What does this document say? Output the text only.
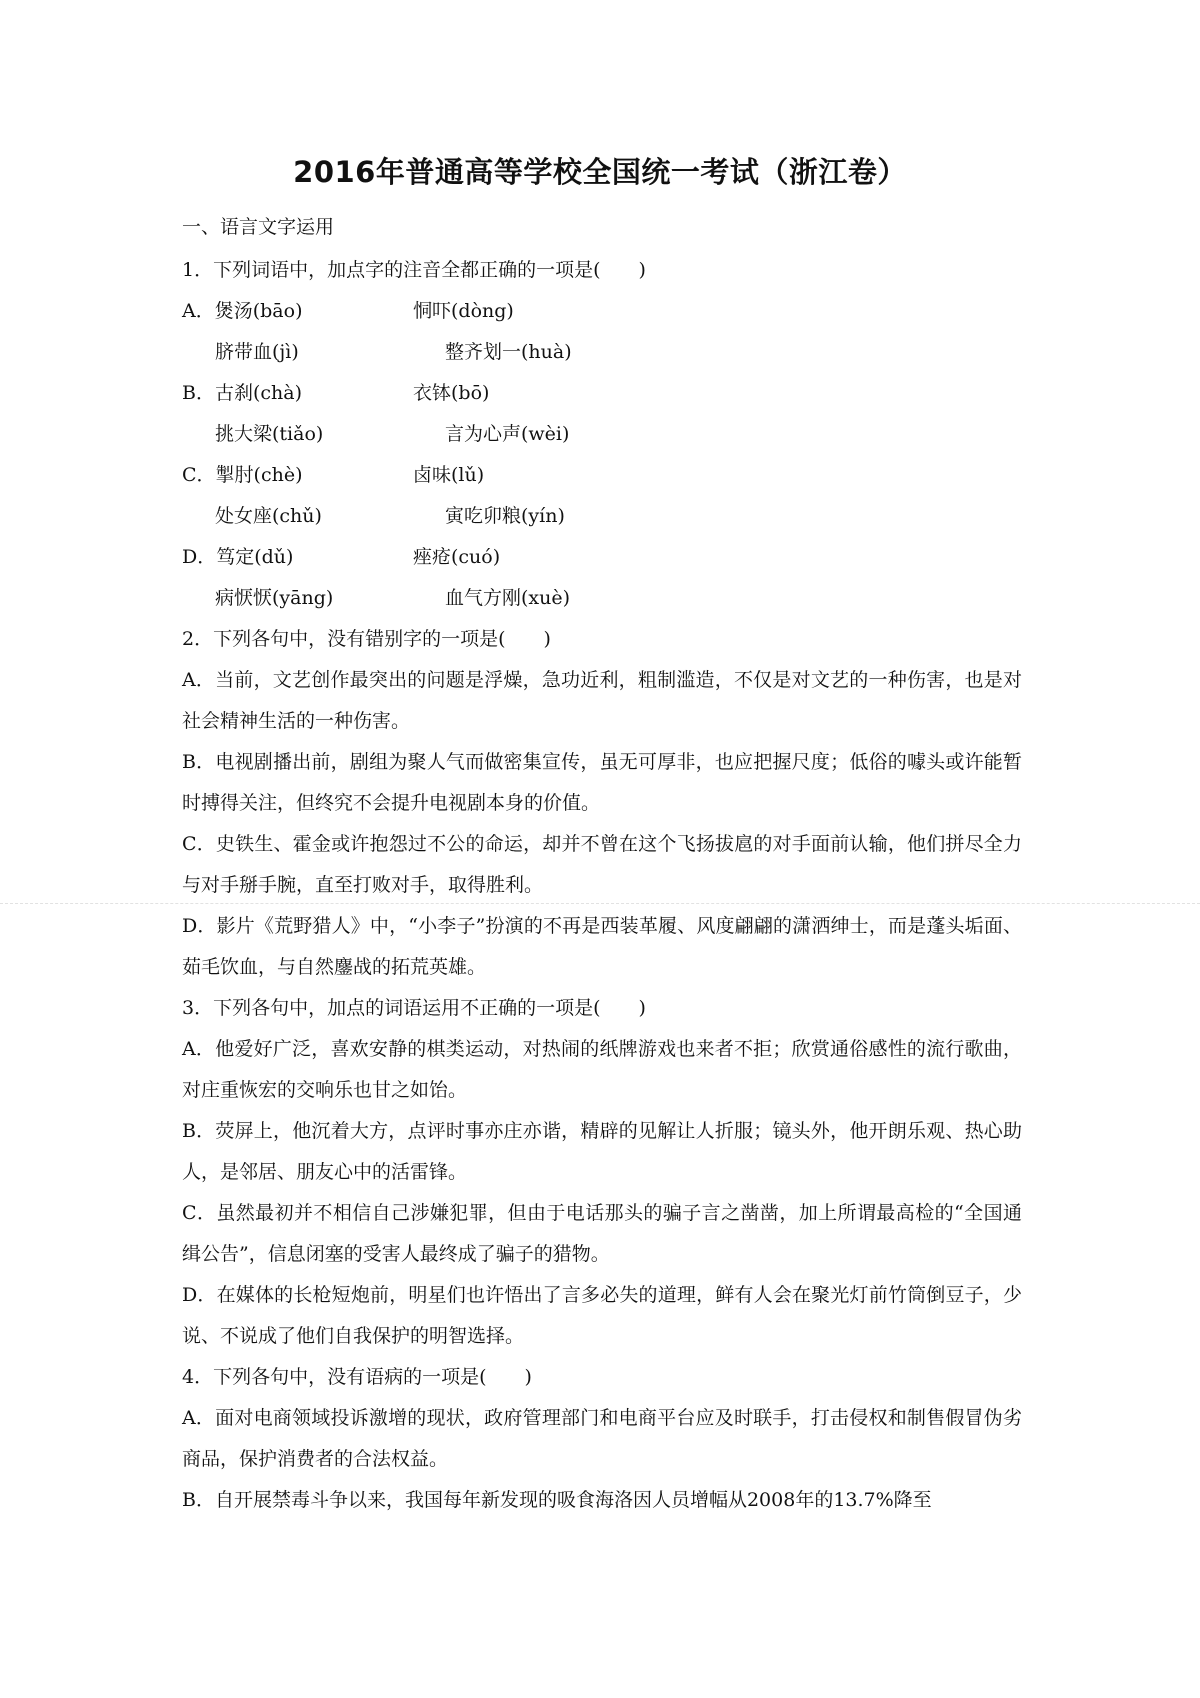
2016年普通高等学校全国统一考试（浙江卷）
一、语言文字运用
1．下列词语中，加点字的注音全都正确的一项是(　　)
A．煲汤(bāo)	恫吓(dòng)
脐带血(jì)	整齐划一(huà)
B．古刹(chà)	衣钵(bō)
挑大梁(tiǎo)	言为心声(wèi)
C．掣肘(chè)	卤味(lǔ)
处女座(chǔ)	寅吃卯粮(yín)
D．笃定(dǔ)	痤疮(cuó)
病恹恹(yāng)	血气方刚(xuè)
2．下列各句中，没有错别字的一项是(　　)
A．当前，文艺创作最突出的问题是浮燥，急功近利，粗制滥造，不仅是对文艺的一种伤害，也是对社会精神生活的一种伤害。
B．电视剧播出前，剧组为聚人气而做密集宣传，虽无可厚非，也应把握尺度；低俗的噱头或许能暂时搏得关注，但终究不会提升电视剧本身的价值。
C．史铁生、霍金或许抱怨过不公的命运，却并不曾在这个飞扬拔扈的对手面前认输，他们拼尽全力与对手掰手腕，直至打败对手，取得胜利。
D．影片《荒野猎人》中，“小李子”扮演的不再是西装革履、风度翩翩的潇洒绅士，而是蓬头垢面、茹毛饮血，与自然鏖战的拓荒英雄。
3．下列各句中，加点的词语运用不正确的一项是(　　)
A．他爱好广泛，喜欢安静的棋类运动，对热闹的纸牌游戏也来者不拒；欣赏通俗感性的流行歌曲，对庄重恢宏的交响乐也甘之如饴。
B．荧屏上，他沉着大方，点评时事亦庄亦谐，精辟的见解让人折服；镜头外，他开朗乐观、热心助人，是邻居、朋友心中的活雷锋。
C．虽然最初并不相信自己涉嫌犯罪，但由于电话那头的骗子言之凿凿，加上所谓最高检的“全国通缉公告”，信息闭塞的受害人最终成了骗子的猎物。
D．在媒体的长枪短炮前，明星们也许悟出了言多必失的道理，鲜有人会在聚光灯前竹筒倒豆子，少说、不说成了他们自我保护的明智选择。
4．下列各句中，没有语病的一项是(　　)
A．面对电商领域投诉激增的现状，政府管理部门和电商平台应及时联手，打击侵权和制售假冒伪劣商品，保护消费者的合法权益。
B．自开展禁毒斗争以来，我国每年新发现的吸食海洛因人员增幅从2008年的13.7%降至
